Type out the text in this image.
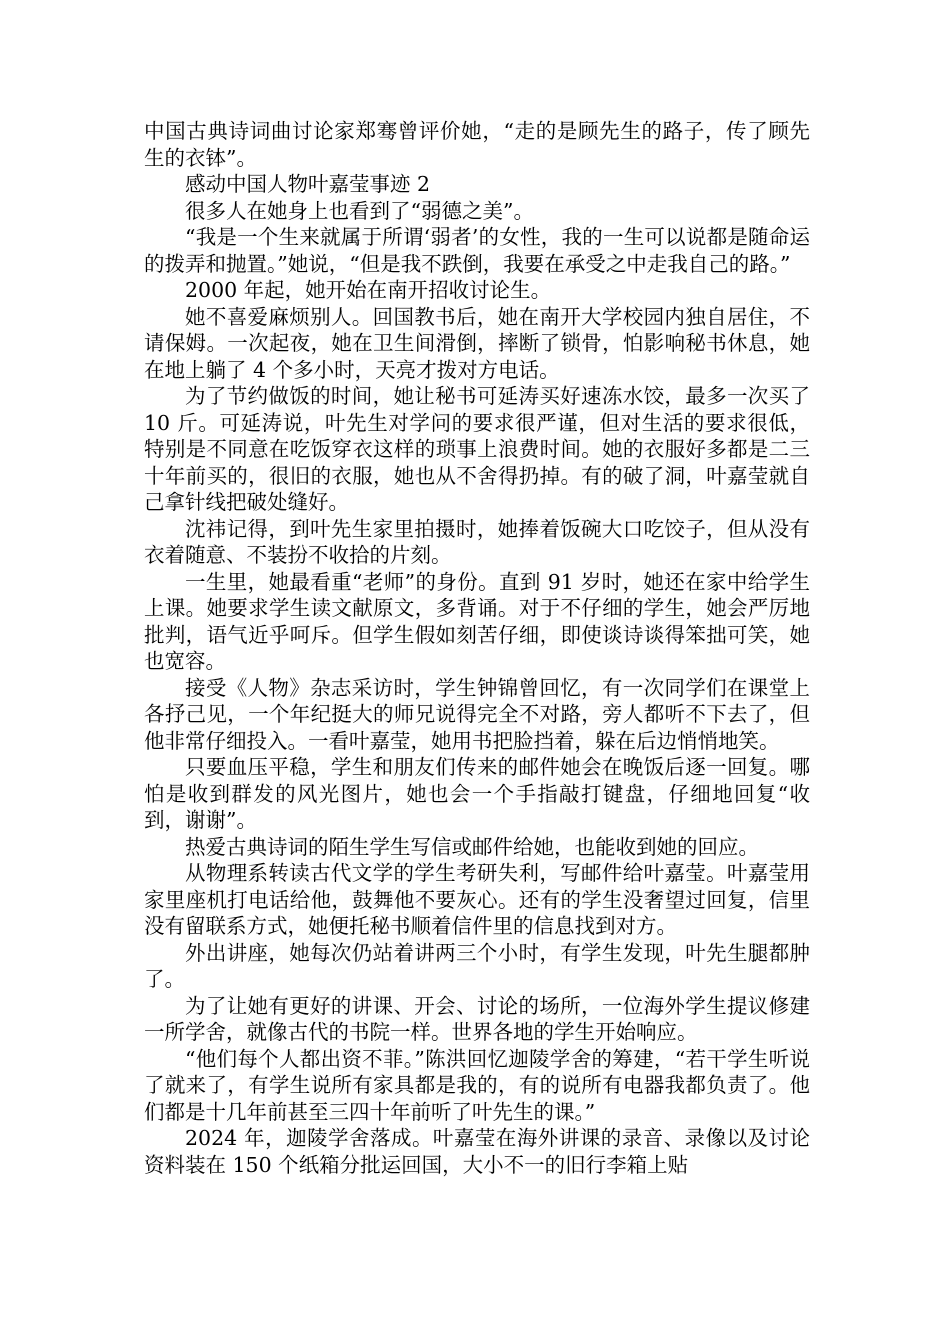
中国古典诗词曲讨论家郑骞曾评价她，“走的是顾先生的路子，传了顾先生的衣钵”。

感动中国人物叶嘉莹事迹 2

很多人在她身上也看到了“弱德之美”。

“我是一个生来就属于所谓‘弱者’的女性，我的一生可以说都是随命运的拨弄和抛置。”她说，“但是我不跌倒，我要在承受之中走我自己的路。”

2000 年起，她开始在南开招收讨论生。

她不喜爱麻烦别人。回国教书后，她在南开大学校园内独自居住，不请保姆。一次起夜，她在卫生间滑倒，摔断了锁骨，怕影响秘书休息，她在地上躺了 4 个多小时，天亮才拨对方电话。

为了节约做饭的时间，她让秘书可延涛买好速冻水饺，最多一次买了 10 斤。可延涛说，叶先生对学问的要求很严谨，但对生活的要求很低，特别是不同意在吃饭穿衣这样的琐事上浪费时间。她的衣服好多都是二三十年前买的，很旧的衣服，她也从不舍得扔掉。有的破了洞，叶嘉莹就自己拿针线把破处缝好。

沈祎记得，到叶先生家里拍摄时，她捧着饭碗大口吃饺子，但从没有衣着随意、不装扮不收拾的片刻。

一生里，她最看重“老师”的身份。直到 91 岁时，她还在家中给学生上课。她要求学生读文献原文，多背诵。对于不仔细的学生，她会严厉地批判，语气近乎呵斥。但学生假如刻苦仔细，即使谈诗谈得笨拙可笑，她也宽容。

接受《人物》杂志采访时，学生钟锦曾回忆，有一次同学们在课堂上各抒己见，一个年纪挺大的师兄说得完全不对路，旁人都听不下去了，但他非常仔细投入。一看叶嘉莹，她用书把脸挡着，躲在后边悄悄地笑。

只要血压平稳，学生和朋友们传来的邮件她会在晚饭后逐一回复。哪怕是收到群发的风光图片，她也会一个手指敲打键盘，仔细地回复“收到，谢谢”。

热爱古典诗词的陌生学生写信或邮件给她，也能收到她的回应。

从物理系转读古代文学的学生考研失利，写邮件给叶嘉莹。叶嘉莹用家里座机打电话给他，鼓舞他不要灰心。还有的学生没奢望过回复，信里没有留联系方式，她便托秘书顺着信件里的信息找到对方。

外出讲座，她每次仍站着讲两三个小时，有学生发现，叶先生腿都肿了。

为了让她有更好的讲课、开会、讨论的场所，一位海外学生提议修建一所学舍，就像古代的书院一样。世界各地的学生开始响应。

“他们每个人都出资不菲。”陈洪回忆迦陵学舍的筹建，“若干学生听说了就来了，有学生说所有家具都是我的，有的说所有电器我都负责了。他们都是十几年前甚至三四十年前听了叶先生的课。”

2024 年，迦陵学舍落成。叶嘉莹在海外讲课的录音、录像以及讨论资料装在 150 个纸箱分批运回国，大小不一的旧行李箱上贴
